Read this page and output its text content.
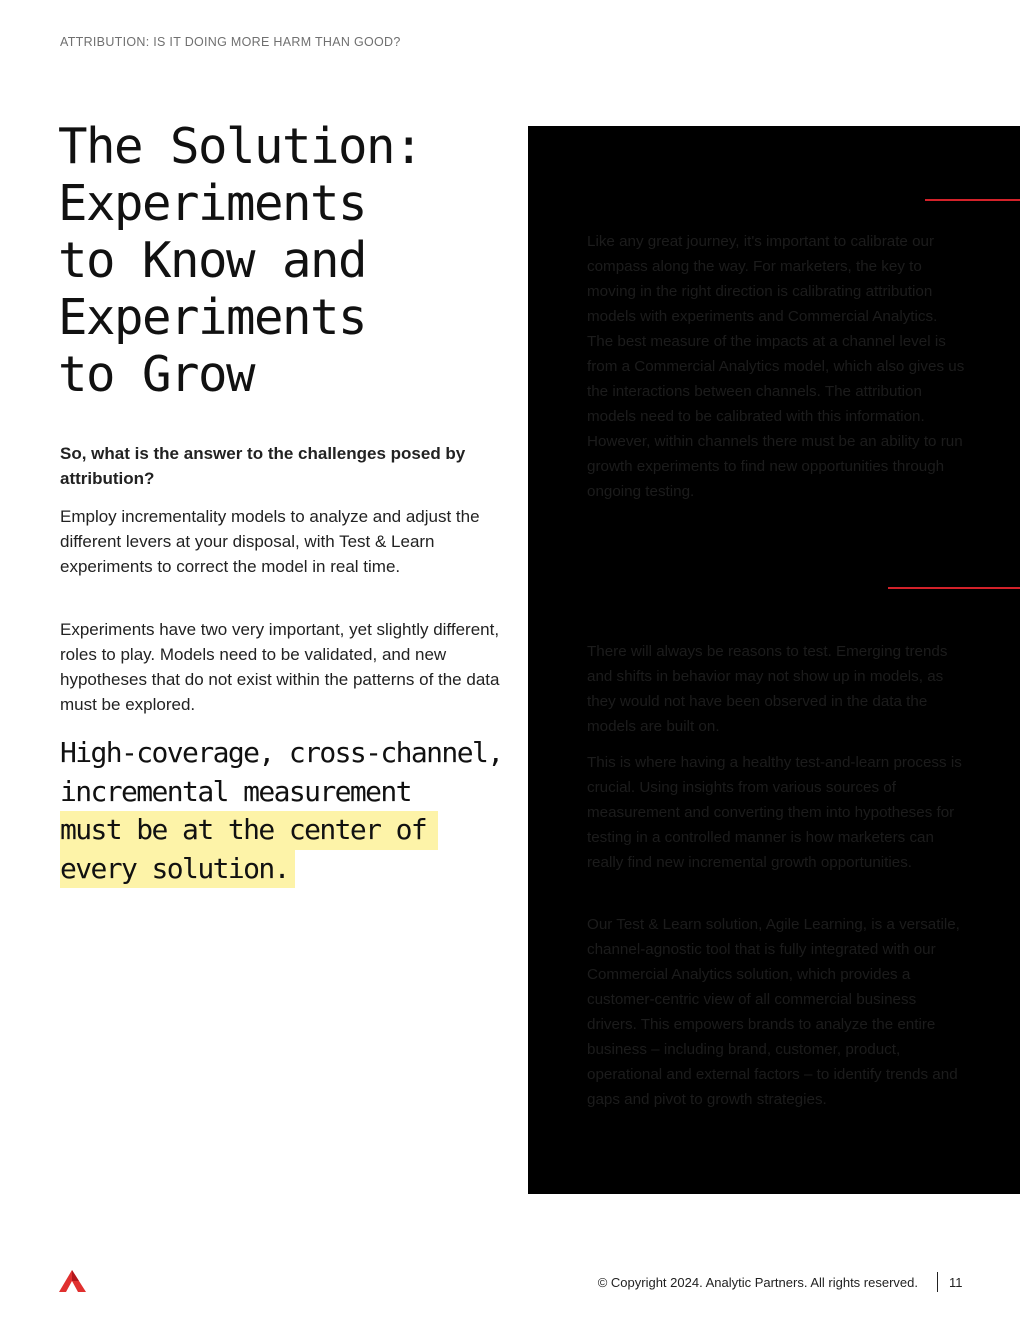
ATTRIBUTION: IS IT DOING MORE HARM THAN GOOD?
The Solution:
Experiments
to Know and
Experiments
to Grow

So, what is the answer to the challenges posed by attribution?

Employ incrementality models to analyze and adjust the different levers at your disposal, with Test & Learn experiments to correct the model in real time.

Experiments have two very important, yet slightly different, roles to play. Models need to be validated, and new hypotheses that do not exist within the patterns of the data must be explored.

High-coverage, cross-channel,
incremental measurement
must be at the center of
every solution.

Like any great journey, it's important to calibrate our compass along the way. For marketers, the key to moving in the right direction is calibrating attribution models with experiments and Commercial Analytics. The best measure of the impacts at a channel level is from a Commercial Analytics model, which also gives us the interactions between channels. The attribution models need to be calibrated with this information. However, within channels there must be an ability to run growth experiments to find new opportunities through ongoing testing.

There will always be reasons to test. Emerging trends and shifts in behavior may not show up in models, as they would not have been observed in the data the models are built on.

This is where having a healthy test-and-learn process is crucial. Using insights from various sources of measurement and converting them into hypotheses for testing in a controlled manner is how marketers can really find new incremental growth opportunities.

Our Test & Learn solution, Agile Learning, is a versatile, channel-agnostic tool that is fully integrated with our Commercial Analytics solution, which provides a customer-centric view of all commercial business drivers. This empowers brands to analyze the entire business – including brand, customer, product, operational and external factors – to identify trends and gaps and pivot to growth strategies.

© Copyright 2024. Analytic Partners. All rights reserved. 11
